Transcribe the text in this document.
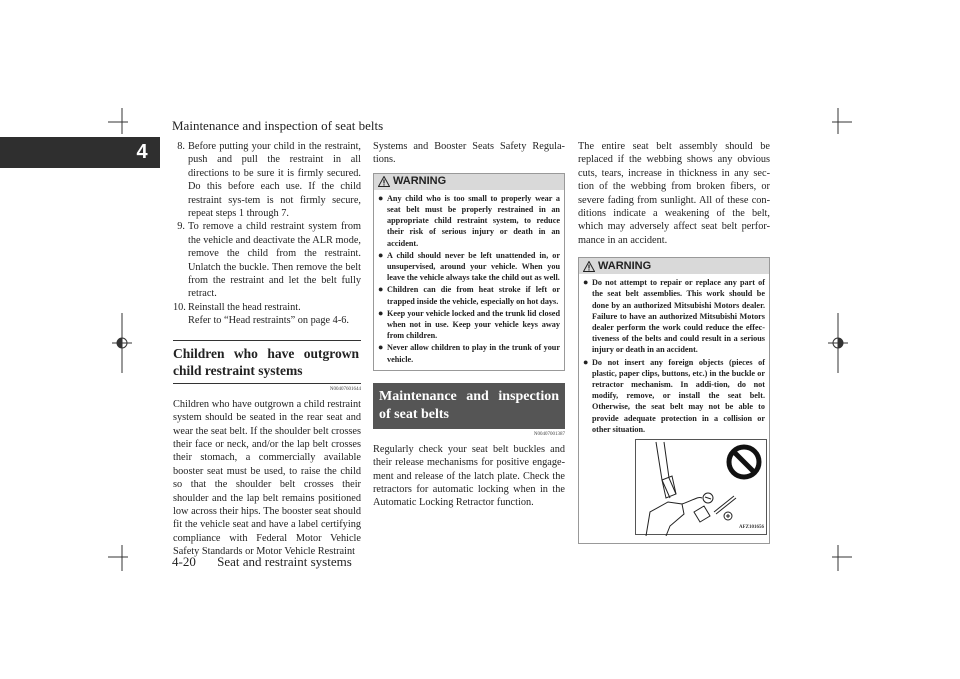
Maintenance and inspection of seat belts
4	8. Before putting your child in the restraint, push and pull the restraint in all directions to be sure it is firmly secured. Do this before each use. If the child restraint sys-tem is not firmly secure, repeat steps 1 through 7.
9. To remove a child restraint system from the vehicle and deactivate the ALR mode, remove the child from the restraint. Unlatch the buckle. Then remove the belt from the restraint and let the belt fully retract.
10. Reinstall the head restraint.
Refer to “Head restraints” on page 4-6.
Children who have outgrown child restraint systems
N00407601644
Children who have outgrown a child restraint system should be seated in the rear seat and wear the seat belt. If the shoulder belt crosses their face or neck, and/or the lap belt crosses their stomach, a commercially available booster seat must be used, to raise the child so that the shoulder belt crosses their shoulder and the lap belt remains positioned low across their hips. The booster seat should fit the vehicle seat and have a label certifying compliance with Federal Motor Vehicle Safety Standards or Motor Vehicle Restraint
Systems and Booster Seats Safety Regula-tions.
WARNING
● Any child who is too small to properly wear a seat belt must be properly restrained in an appropriate child restraint system, to reduce their risk of serious injury or death in an accident.
● A child should never be left unattended in, or unsupervised, around your vehicle. When you leave the vehicle always take the child out as well.
● Children can die from heat stroke if left or trapped inside the vehicle, especially on hot days.
● Keep your vehicle locked and the trunk lid closed when not in use. Keep your vehicle keys away from children.
● Never allow children to play in the trunk of your vehicle.
Maintenance and inspection of seat belts
N00407001387
Regularly check your seat belt buckles and their release mechanisms for positive engage-ment and release of the latch plate. Check the retractors for automatic locking when in the Automatic Locking Retractor function.
The entire seat belt assembly should be replaced if the webbing shows any obvious cuts, tears, increase in thickness in any sec-tion of the webbing from broken fibers, or severe fading from sunlight. All of these con-ditions indicate a weakening of the belt, which may adversely affect seat belt perfor-mance in an accident.
WARNING
● Do not attempt to repair or replace any part of the seat belt assemblies. This work should be done by an authorized Mitsubishi Motors dealer. Failure to have an authorized Mitsubishi Motors dealer perform the work could reduce the effec-tiveness of the belts and could result in a serious injury or death in an accident.
● Do not insert any foreign objects (pieces of plastic, paper clips, buttons, etc.) in the buckle or retractor mechanism. In addi-tion, do not modify, remove, or install the seat belt. Otherwise, the seat belt may not be able to provide adequate protection in a collision or other situation.
AFZ101656
4-20 Seat and restraint systems
